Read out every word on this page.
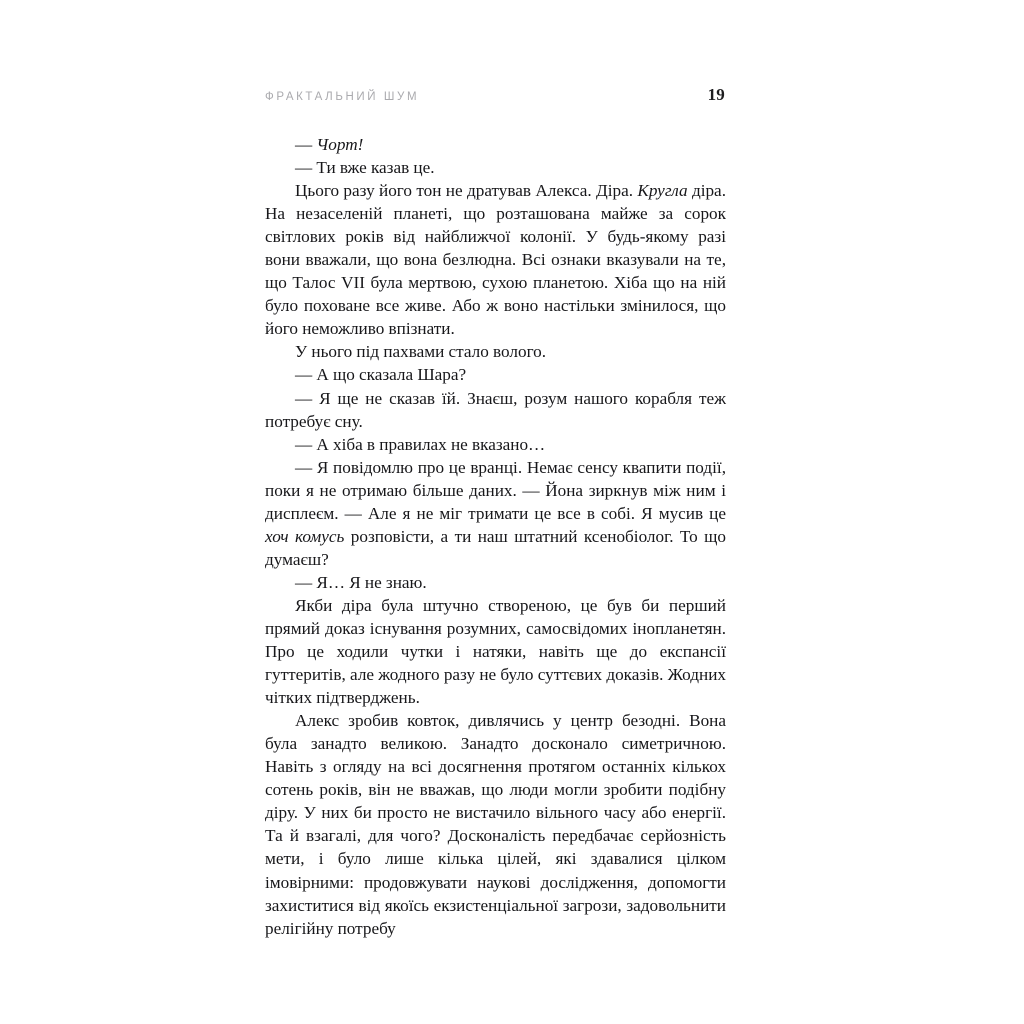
ФРАКТАЛЬНИЙ ШУМ	19

— Чорт!

— Ти вже казав це.

Цього разу його тон не дратував Алекса. Діра. Кругла діра. На незаселеній планеті, що розташована майже за сорок світлових років від найближчої колонії. У будь-якому разі вони вважали, що вона безлюдна. Всі ознаки вказували на те, що Талос VII була мертвою, сухою планетою. Хіба що на ній було поховане все живе. Або ж воно настільки змінилося, що його неможливо впізнати.

У нього під пахвами стало волого.

— А що сказала Шара?

— Я ще не сказав їй. Знаєш, розум нашого корабля теж потребує сну.

— А хіба в правилах не вказано…

— Я повідомлю про це вранці. Немає сенсу квапити події, поки я не отримаю більше даних. — Йона зиркнув між ним і дисплеєм. — Але я не міг тримати це все в собі. Я мусив це хоч комусь розповісти, а ти наш штатний ксенобіолог. То що думаєш?

— Я… Я не знаю.

Якби діра була штучно створеною, це був би перший прямий доказ існування розумних, самосвідомих інопланетян. Про це ходили чутки і натяки, навіть ще до експансії гуттеритів, але жодного разу не було суттєвих доказів. Жодних чітких підтверджень.

Алекс зробив ковток, дивлячись у центр безодні. Вона була занадто великою. Занадто досконало симетричною. Навіть з огляду на всі досягнення протягом останніх кількох сотень років, він не вважав, що люди могли зробити подібну діру. У них би просто не вистачило вільного часу або енергії. Та й взагалі, для чого? Досконалість передбачає серйозність мети, і було лише кілька цілей, які здавалися цілком імовірними: продовжувати наукові дослідження, допомогти захиститися від якоїсь екзистенціальної загрози, задовольнити релігійну потребу
